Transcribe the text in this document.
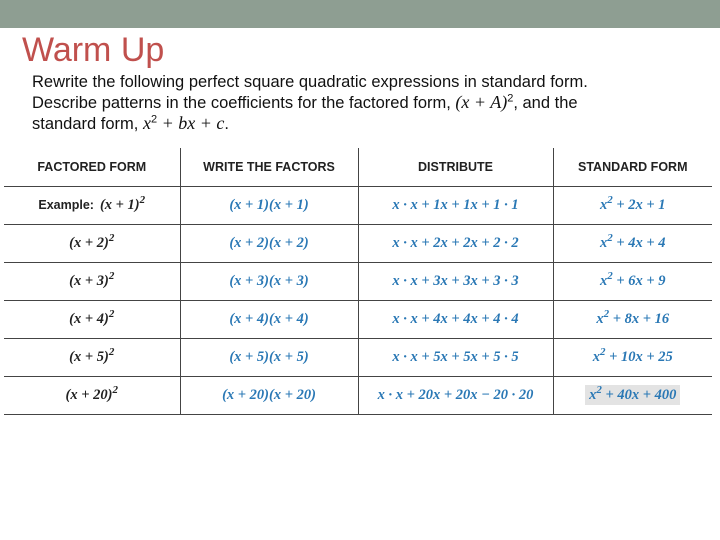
Warm Up
Rewrite the following perfect square quadratic expressions in standard form.
Describe patterns in the coefficients for the factored form, $(x + A)^2$, and the
standard form, $x^2$ + bx + c.
FACTORED FORM	WRITE THE FACTORS	DISTRIBUTE	STANDARD FORM
Example: $(x + 1)^2$	(x + 1)(x + 1)	x · x + 1x + 1x + 1 · 1	$x^2 + 2x + 1$
$(x + 2)^2$	(x + 2)(x + 2)	x · x + 2x + 2x + 2 · 2	$x^2 + 4x + 4$
$(x + 3)^2$	(x + 3)(x + 3)	x · x + 3x + 3x + 3 · 3	$x^2 + 6x + 9$
$(x + 4)^2$	(x + 4)(x + 4)	x · x + 4x + 4x + 4 · 4	$x^2 + 8x + 16$
$(x + 5)^2$	(x + 5)(x + 5)	x · x + 5x + 5x + 5 · 5	$x^2 + 10x + 25$
$(x + 20)^2$	(x + 20)(x + 20)	x · x + 20x + 20x − 20 · 20	$x^2 + 40x + 400$
